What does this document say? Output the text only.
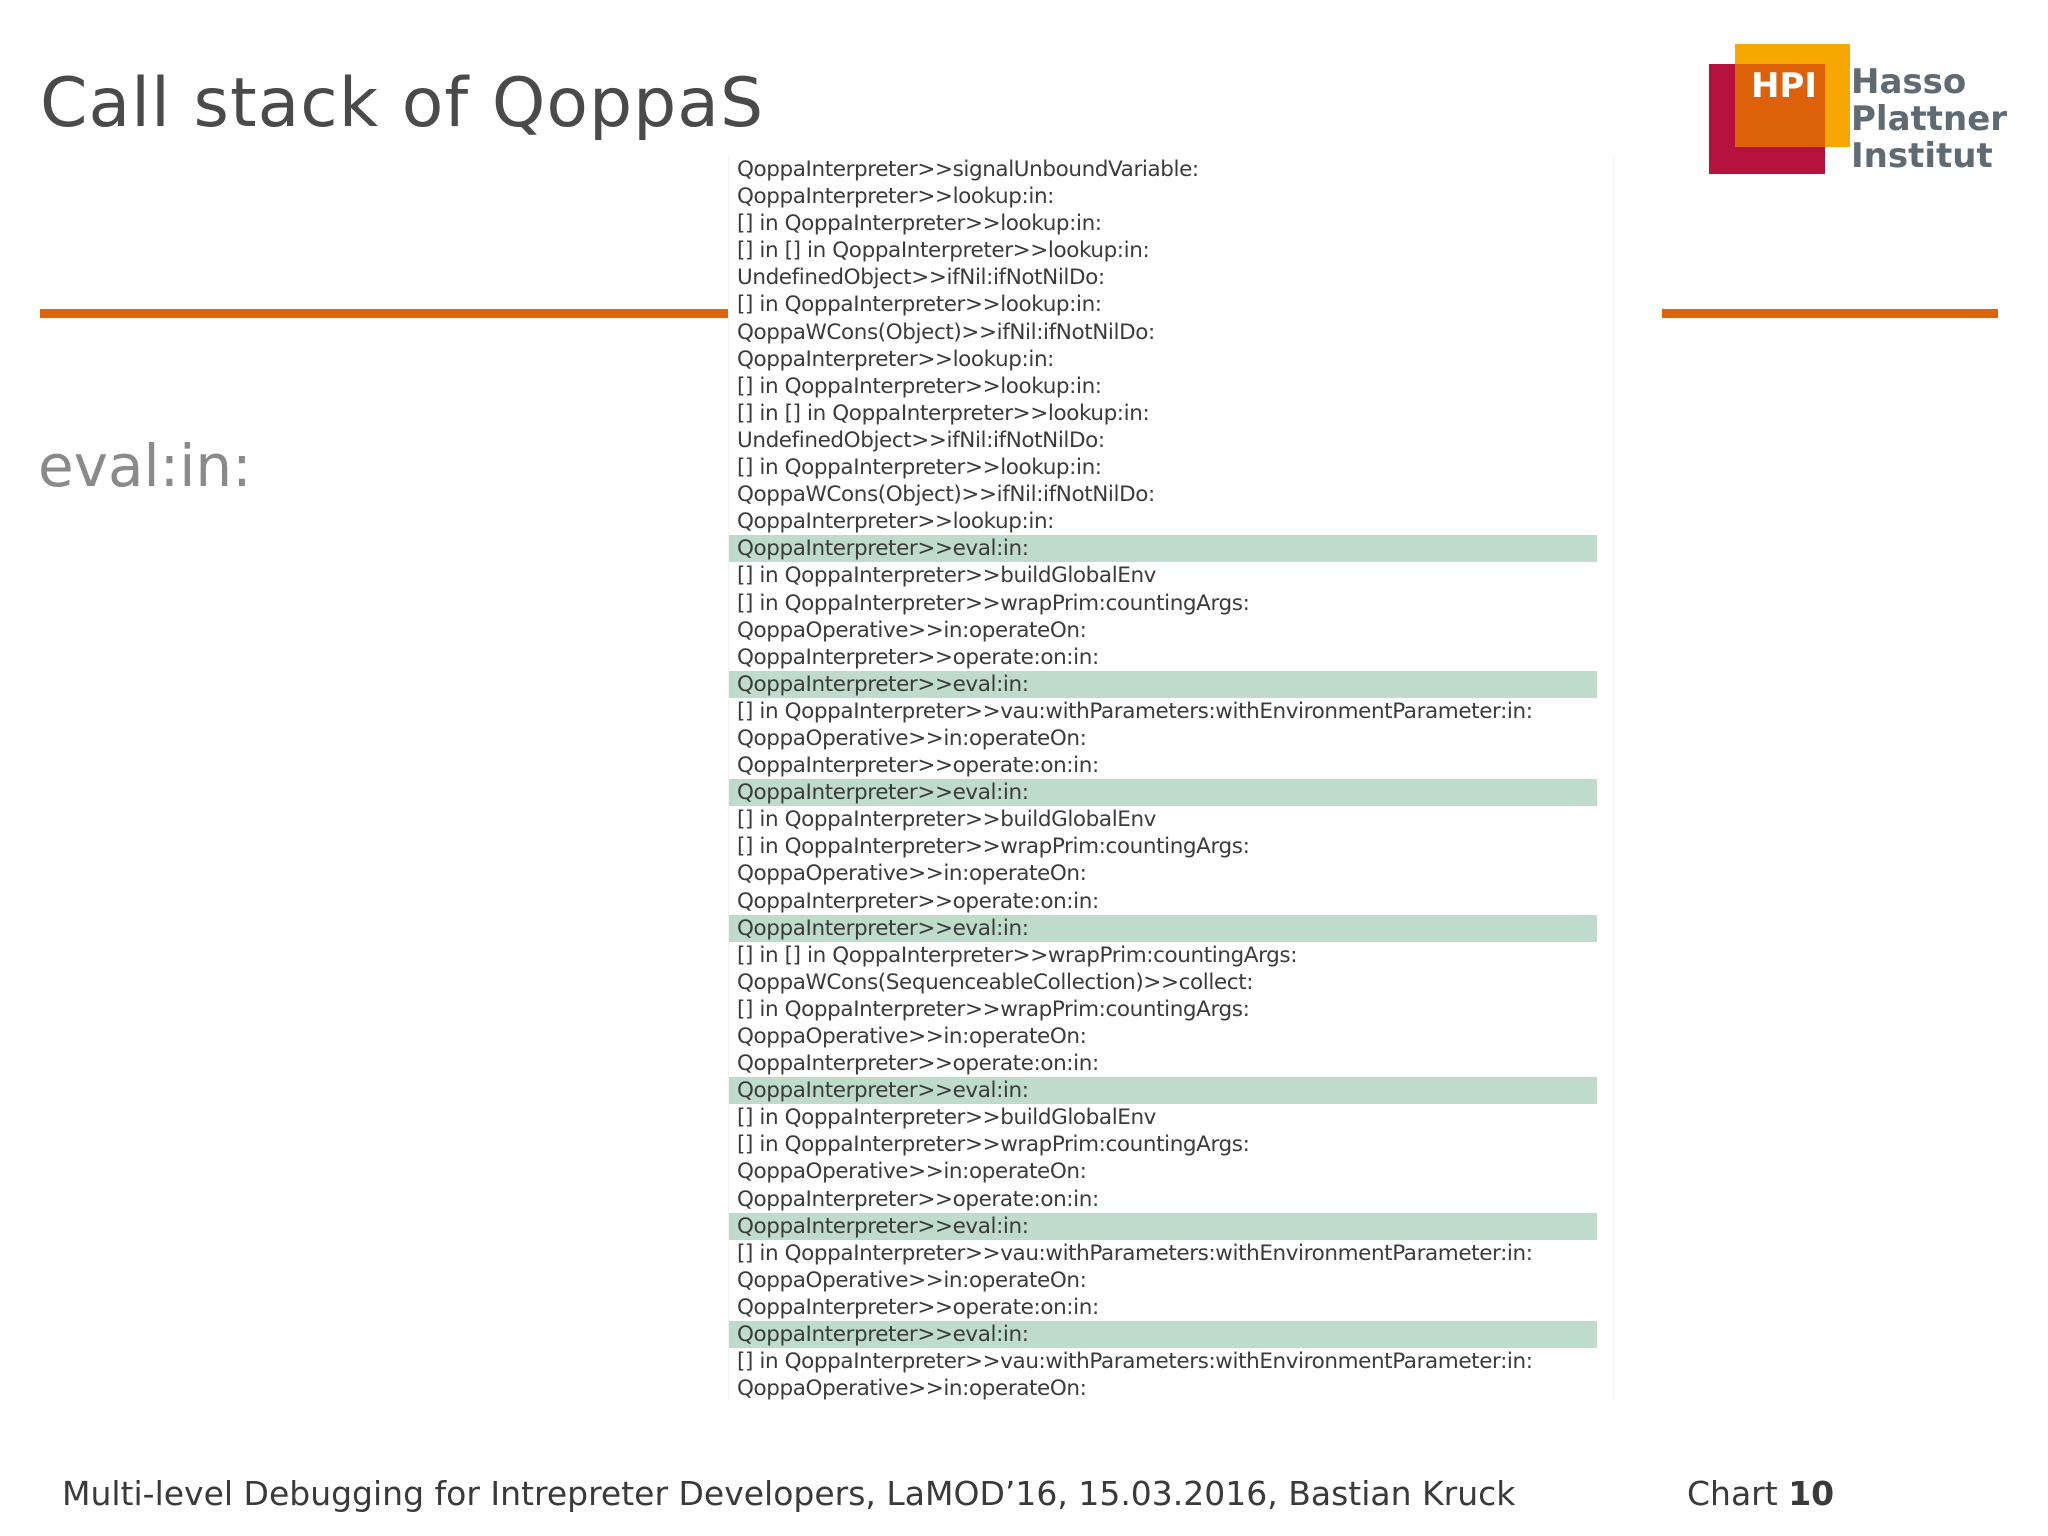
Call stack of QoppaS
eval:in:
HPI Hasso
Plattner
Institut
QoppaInterpreter>>signalUnboundVariable:
QoppaInterpreter>>lookup:in:
[] in QoppaInterpreter>>lookup:in:
[] in [] in QoppaInterpreter>>lookup:in:
UndefinedObject>>ifNil:ifNotNilDo:
[] in QoppaInterpreter>>lookup:in:
QoppaWCons(Object)>>ifNil:ifNotNilDo:
QoppaInterpreter>>lookup:in:
[] in QoppaInterpreter>>lookup:in:
[] in [] in QoppaInterpreter>>lookup:in:
UndefinedObject>>ifNil:ifNotNilDo:
[] in QoppaInterpreter>>lookup:in:
QoppaWCons(Object)>>ifNil:ifNotNilDo:
QoppaInterpreter>>lookup:in:
QoppaInterpreter>>eval:in:
[] in QoppaInterpreter>>buildGlobalEnv
[] in QoppaInterpreter>>wrapPrim:countingArgs:
QoppaOperative>>in:operateOn:
QoppaInterpreter>>operate:on:in:
QoppaInterpreter>>eval:in:
[] in QoppaInterpreter>>vau:withParameters:withEnvironmentParameter:in:
QoppaOperative>>in:operateOn:
QoppaInterpreter>>operate:on:in:
QoppaInterpreter>>eval:in:
[] in QoppaInterpreter>>buildGlobalEnv
[] in QoppaInterpreter>>wrapPrim:countingArgs:
QoppaOperative>>in:operateOn:
QoppaInterpreter>>operate:on:in:
QoppaInterpreter>>eval:in:
[] in [] in QoppaInterpreter>>wrapPrim:countingArgs:
QoppaWCons(SequenceableCollection)>>collect:
[] in QoppaInterpreter>>wrapPrim:countingArgs:
QoppaOperative>>in:operateOn:
QoppaInterpreter>>operate:on:in:
QoppaInterpreter>>eval:in:
[] in QoppaInterpreter>>buildGlobalEnv
[] in QoppaInterpreter>>wrapPrim:countingArgs:
QoppaOperative>>in:operateOn:
QoppaInterpreter>>operate:on:in:
QoppaInterpreter>>eval:in:
[] in QoppaInterpreter>>vau:withParameters:withEnvironmentParameter:in:
QoppaOperative>>in:operateOn:
QoppaInterpreter>>operate:on:in:
QoppaInterpreter>>eval:in:
[] in QoppaInterpreter>>vau:withParameters:withEnvironmentParameter:in:
QoppaOperative>>in:operateOn:
Multi-level Debugging for Intrepreter Developers, LaMOD’16, 15.03.2016, Bastian Kruck	Chart 10
